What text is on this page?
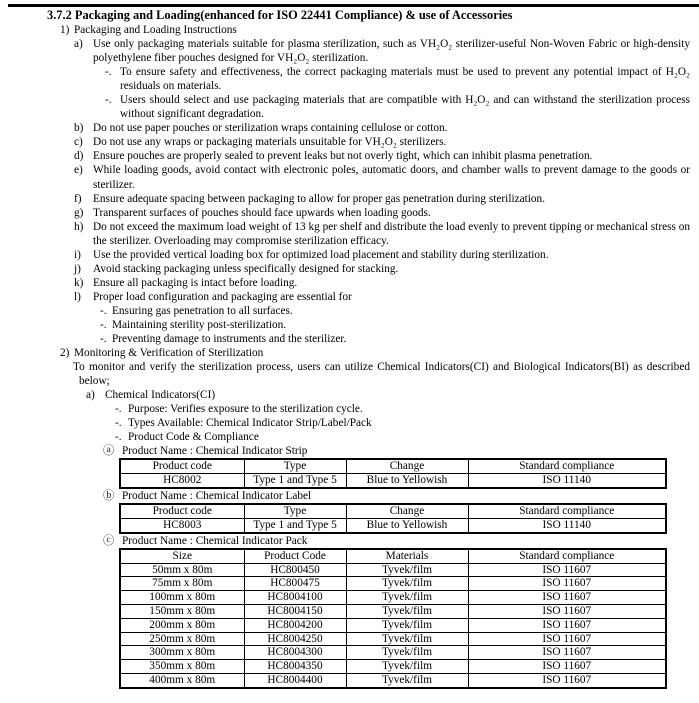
3.7.2 Packaging and Loading(enhanced for ISO 22441 Compliance) & use of Accessories
1) Packaging and Loading Instructions
a) Use only packaging materials suitable for plasma sterilization, such as VH₂O₂ sterilizer-useful Non-Woven Fabric or high-density polyethylene fiber pouches designed for VH₂O₂ sterilization.
-. To ensure safety and effectiveness, the correct packaging materials must be used to prevent any potential impact of H₂O₂ residuals on materials.
-. Users should select and use packaging materials that are compatible with H₂O₂ and can withstand the sterilization process without significant degradation.
b) Do not use paper pouches or sterilization wraps containing cellulose or cotton.
c) Do not use any wraps or packaging materials unsuitable for VH₂O₂ sterilizers.
d) Ensure pouches are properly sealed to prevent leaks but not overly tight, which can inhibit plasma penetration.
e) While loading goods, avoid contact with electronic poles, automatic doors, and chamber walls to prevent damage to the goods or sterilizer.
f)	Ensure adequate spacing between packaging to allow for proper gas penetration during sterilization.
g) Transparent surfaces of pouches should face upwards when loading goods.
h) Do not exceed the maximum load weight of 13 kg per shelf and distribute the load evenly to prevent tipping or mechanical stress on the sterilizer. Overloading may compromise sterilization efficacy.
i)	Use the provided vertical loading box for optimized load placement and stability during sterilization.
j)	Avoid stacking packaging unless specifically designed for stacking.
k) Ensure all packaging is intact before loading.
l)	Proper load configuration and packaging are essential for
-. Ensuring gas penetration to all surfaces.
-. Maintaining sterility post-sterilization.
-. Preventing damage to instruments and the sterilizer.
2) Monitoring & Verification of Sterilization
To monitor and verify the sterilization process, users can utilize Chemical Indicators(CI) and Biological Indicators(BI) as described below;
a) Chemical Indicators(CI)
-. Purpose: Verifies exposure to the sterilization cycle.
-. Types Available: Chemical Indicator Strip/Label/Pack
-. Product Code & Compliance
ⓐ Product Name : Chemical Indicator Strip
Product code	Type	Change	Standard compliance
HC8002	Type 1 and Type 5	Blue to Yellowish	ISO 11140
ⓑ Product Name : Chemical Indicator Label
Product code	Type	Change	Standard compliance
HC8003	Type 1 and Type 5	Blue to Yellowish	ISO 11140
ⓒ Product Name : Chemical Indicator Pack
Size	Product Code	Materials	Standard compliance
50mm x 80m	HC800450	Tyvek/film	ISO 11607
75mm x 80m	HC800475	Tyvek/film	ISO 11607
100mm x 80m	HC8004100	Tyvek/film	ISO 11607
150mm x 80m	HC8004150	Tyvek/film	ISO 11607
200mm x 80m	HC8004200	Tyvek/film	ISO 11607
250mm x 80m	HC8004250	Tyvek/film	ISO 11607
300mm x 80m	HC8004300	Tyvek/film	ISO 11607
350mm x 80m	HC8004350	Tyvek/film	ISO 11607
400mm x 80m	HC8004400	Tyvek/film	ISO 11607
